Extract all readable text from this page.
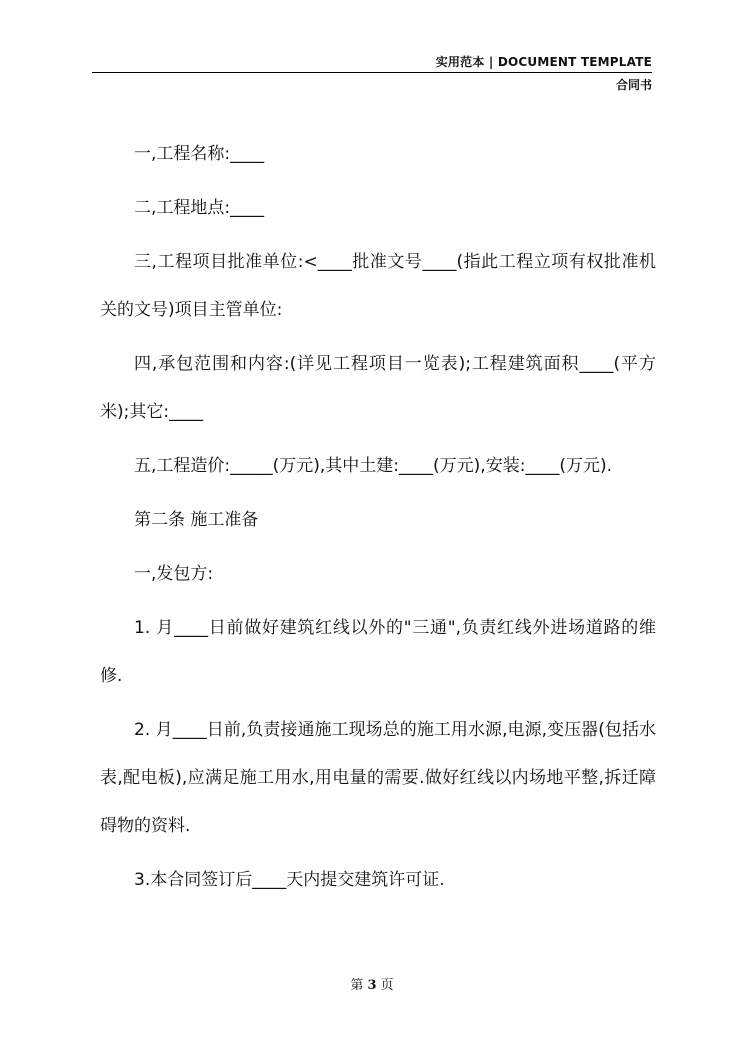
实用范本 | DOCUMENT TEMPLATE
合同书

一,工程名称:____

二,工程地点:____

三,工程项目批准单位:<____批准文号____(指此工程立项有权批准机关的文号)项目主管单位:

四,承包范围和内容:(详见工程项目一览表);工程建筑面积____(平方米);其它:____

五,工程造价:_____(万元),其中土建:____(万元),安装:____(万元).

第二条 施工准备

一,发包方:

1. 月____日前做好建筑红线以外的"三通",负责红线外进场道路的维修.

2. 月____日前,负责接通施工现场总的施工用水源,电源,变压器(包括水表,配电板),应满足施工用水,用电量的需要.做好红线以内场地平整,拆迁障碍物的资料.

3.本合同签订后____天内提交建筑许可证.

第 3 页
